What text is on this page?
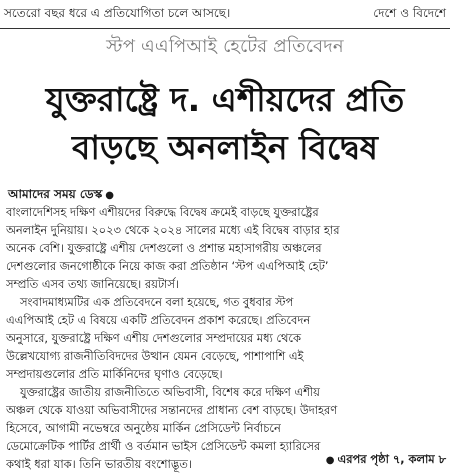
সতেরো বছর ধরে এ প্রতিযোগিতা চলে আসছে।	দেশে ও বিদেশে
স্টপ এএপিআই হেটের প্রতিবেদন
যুক্তরাষ্ট্রে দ. এশীয়দের প্রতি
বাড়ছে অনলাইন বিদ্বেষ
আমাদের সময় ডেস্ক ●
বাংলাদেশিসহ দক্ষিণ এশীয়দের বিরুদ্ধে বিদ্বেষ ক্রমেই বাড়ছে যুক্তরাষ্ট্রের
অনলাইন দুনিয়ায়। ২০২৩ থেকে ২০২৪ সালের মধ্যে এই বিদ্বেষ বাড়ার হার
অনেক বেশি। যুক্তরাষ্ট্রে এশীয় দেশগুলো ও প্রশান্ত মহাসাগরীয় অঞ্চলের
দেশগুলোর জনগোষ্ঠীকে নিয়ে কাজ করা প্রতিষ্ঠান ‘স্টপ এএপিআই হেট’
সম্প্রতি এসব তথ্য জানিয়েছে। রয়টার্স।
সংবাদমাধ্যমটির এক প্রতিবেদনে বলা হয়েছে, গত বুধবার স্টপ
এএপিআই হেট এ বিষয়ে একটি প্রতিবেদন প্রকাশ করেছে। প্রতিবেদন
অনুসারে, যুক্তরাষ্ট্রে দক্ষিণ এশীয় দেশগুলোর সম্প্রদায়ের মধ্য থেকে
উল্লেখযোগ্য রাজনীতিবিদদের উত্থান যেমন বেড়েছে, পাশাপাশি এই
সম্প্রদায়গুলোর প্রতি মার্কিনিদের ঘৃণাও বেড়েছে।
যুক্তরাষ্ট্রের জাতীয় রাজনীতিতে অভিবাসী, বিশেষ করে দক্ষিণ এশীয়
অঞ্চল থেকে যাওয়া অভিবাসীদের সন্তানদের প্রাধান্য বেশ বাড়ছে। উদাহরণ
হিসেবে, আগামী নভেম্বরে অনুষ্ঠেয় মার্কিন প্রেসিডেন্ট নির্বাচনে
ডেমোক্রেটিক পার্টির প্রার্থী ও বর্তমান ভাইস প্রেসিডেন্ট কমলা হ্যারিসের
কথাই ধরা যাক। তিনি ভারতীয় বংশোদ্ভূত।	● এরপর পৃষ্ঠা ৭, কলাম ৮
